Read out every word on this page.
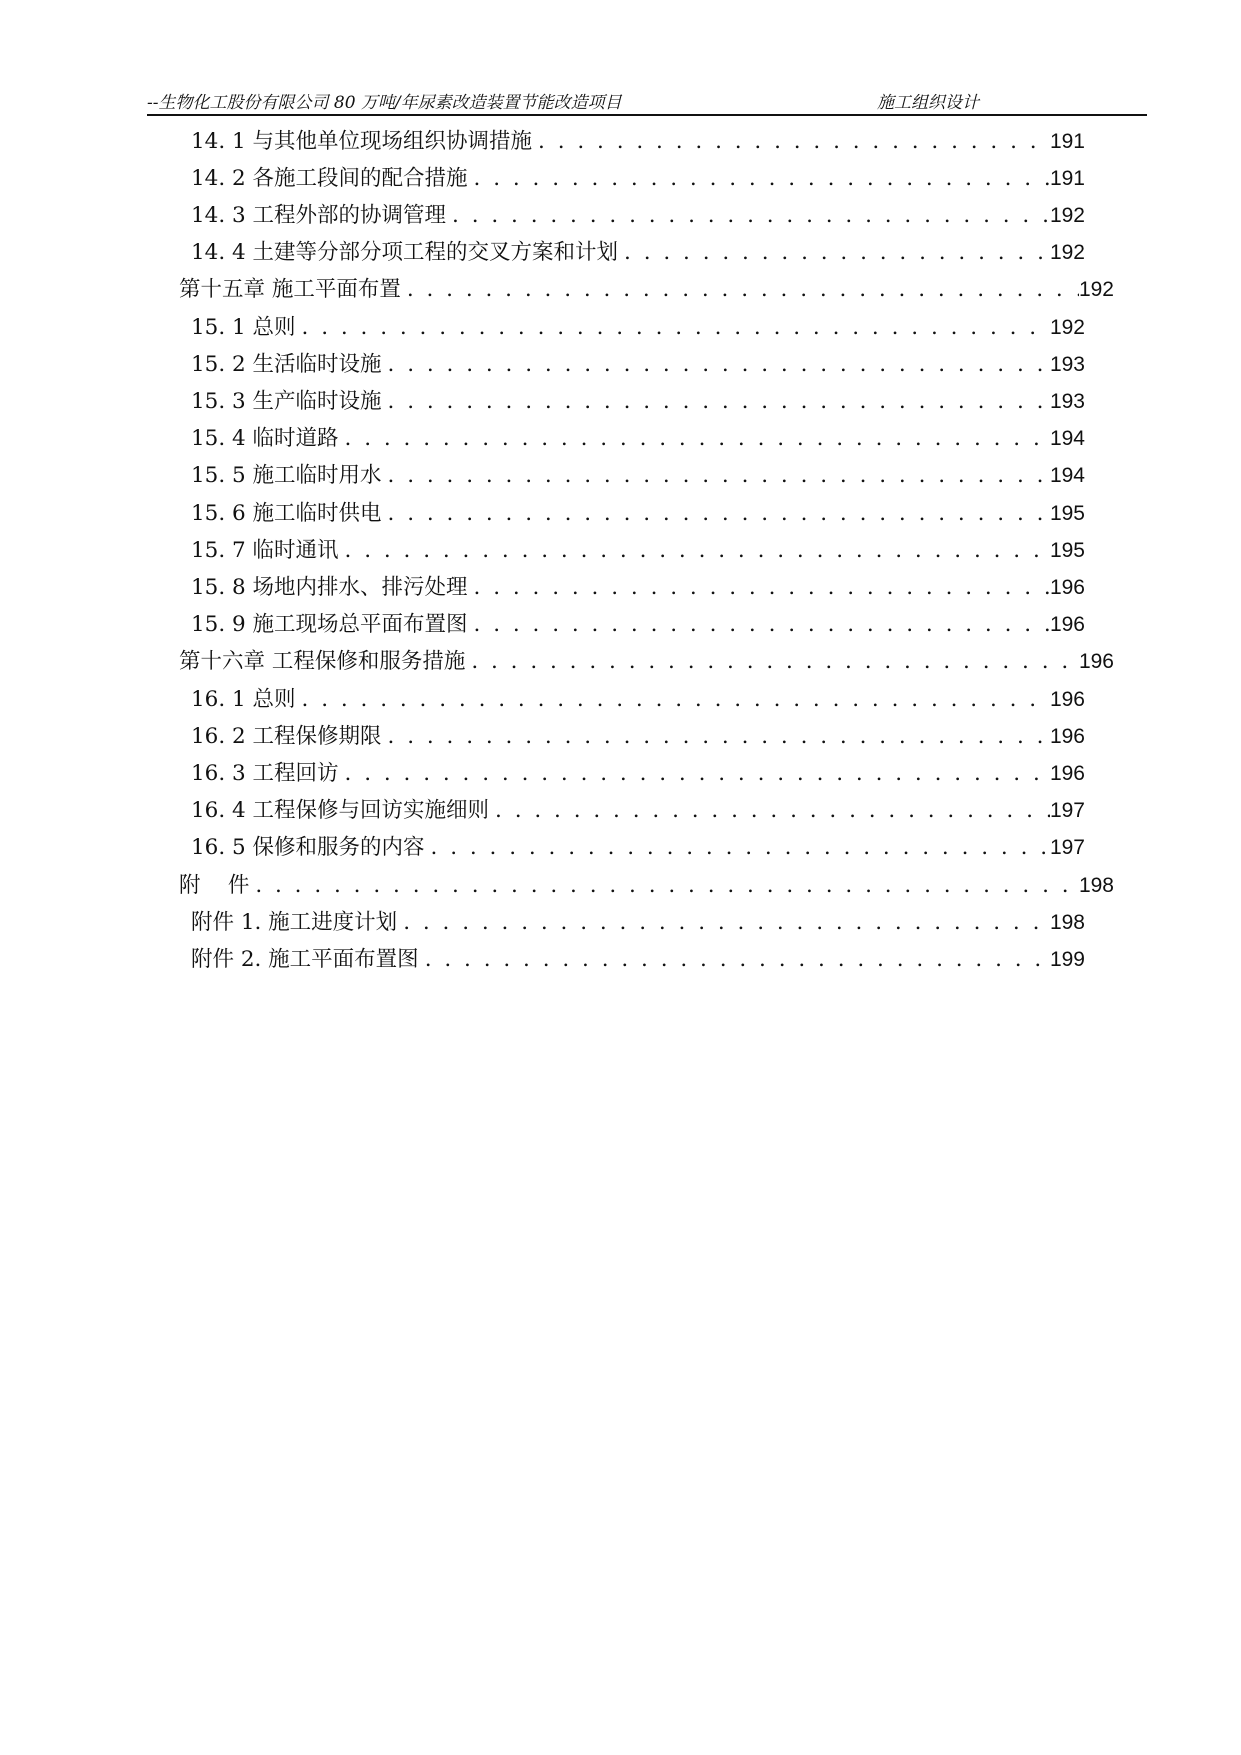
--生物化工股份有限公司 80 万吨/年尿素改造装置节能改造项目	施工组织设计
14. 1 与其他单位现场组织协调措施 . . .	191
14. 2 各施工段间的配合措施 . . .	191
14. 3 工程外部的协调管理 . . .	192
14. 4 土建等分部分项工程的交叉方案和计划 . . .	192
第十五章 施工平面布置 . . .	192
15. 1 总则 . . .	192
15. 2 生活临时设施 . . .	193
15. 3 生产临时设施 . . .	193
15. 4 临时道路 . . .	194
15. 5 施工临时用水 . . .	194
15. 6 施工临时供电 . . .	195
15. 7 临时通讯 . . .	195
15. 8 场地内排水、排污处理 . . .	196
15. 9 施工现场总平面布置图 . . .	196
第十六章 工程保修和服务措施 . . .	196
16. 1 总则 . . .	196
16. 2 工程保修期限 . . .	196
16. 3 工程回访 . . .	196
16. 4 工程保修与回访实施细则 . . .	197
16. 5 保修和服务的内容 . . .	197
附    件 . . .	198
附件 1. 施工进度计划 . . .	198
附件 2. 施工平面布置图 . . .	199
